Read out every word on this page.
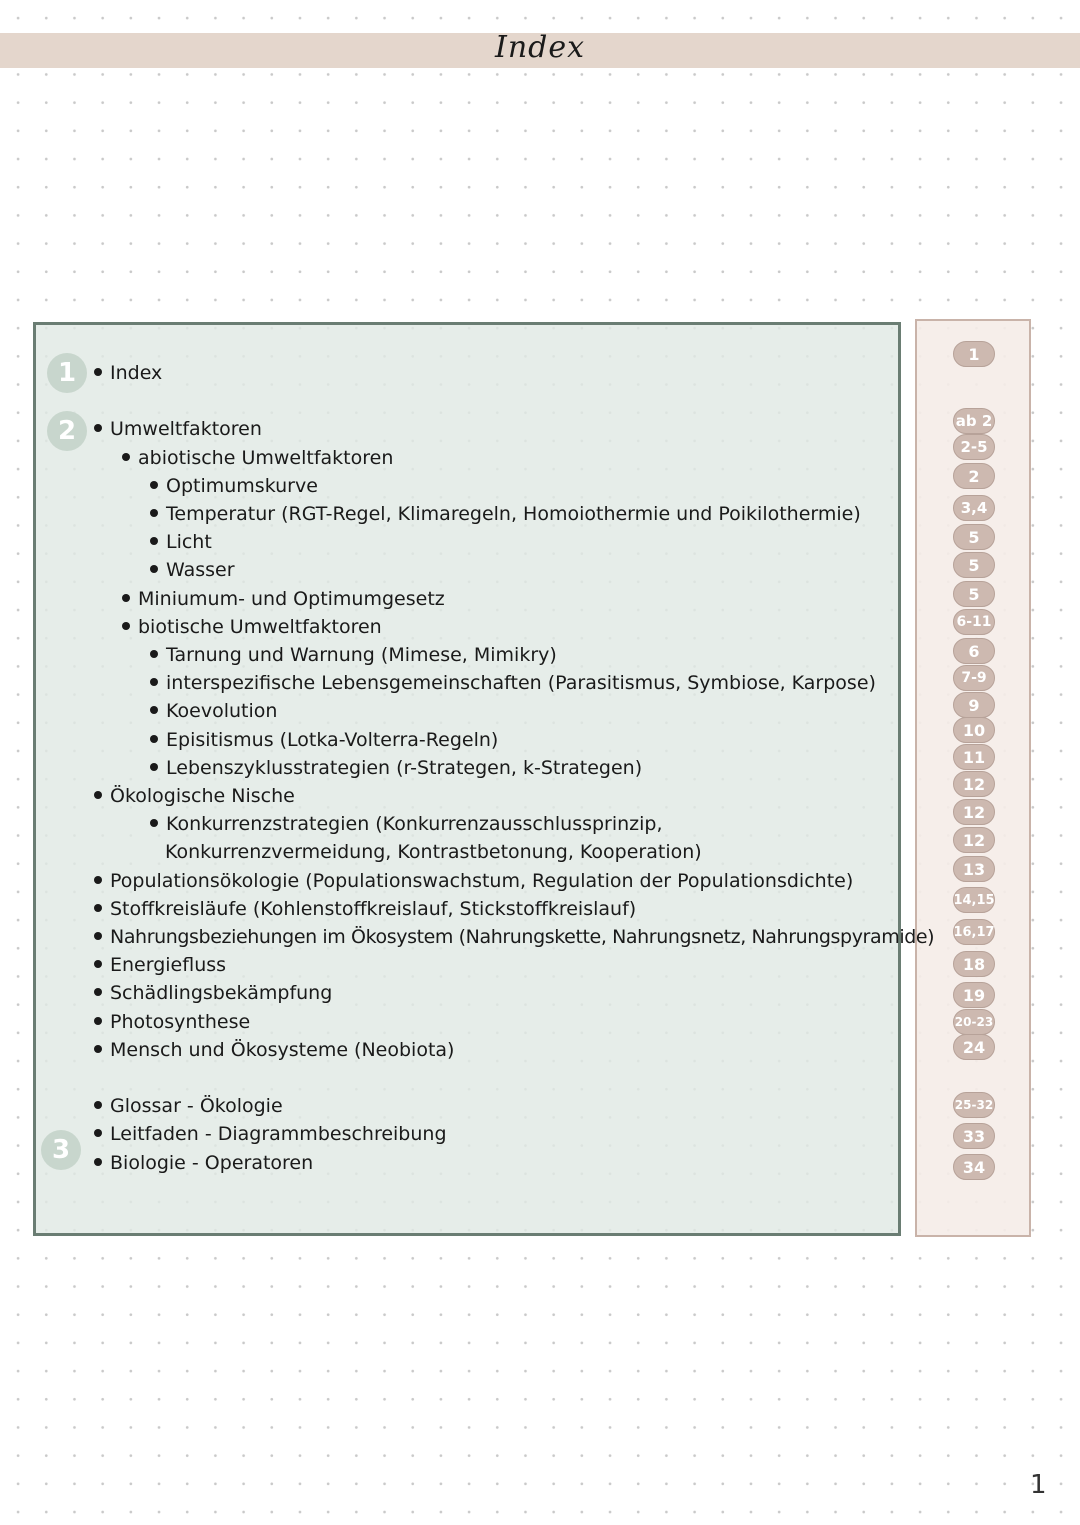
Index
1
2
3
Index
Umweltfaktoren
abiotische Umweltfaktoren
Optimumskurve
Temperatur (RGT-Regel, Klimaregeln, Homoiothermie und Poikilothermie)
Licht
Wasser
Miniumum- und Optimumgesetz
biotische Umweltfaktoren
Tarnung und Warnung (Mimese, Mimikry)
interspezifische Lebensgemeinschaften (Parasitismus, Symbiose, Karpose)
Koevolution
Episitismus (Lotka-Volterra-Regeln)
Lebenszyklusstrategien (r-Strategen, k-Strategen)
Ökologische Nische
Konkurrenzstrategien (Konkurrenzausschlussprinzip,
Konkurrenzvermeidung, Kontrastbetonung, Kooperation)
Populationsökologie (Populationswachstum, Regulation der Populationsdichte)
Stoffkreisläufe (Kohlenstoffkreislauf, Stickstoffkreislauf)
Nahrungsbeziehungen im Ökosystem (Nahrungskette, Nahrungsnetz, Nahrungspyramide)
Energiefluss
Schädlingsbekämpfung
Photosynthese
Mensch und Ökosysteme (Neobiota)
Glossar - Ökologie
Leitfaden - Diagrammbeschreibung
Biologie - Operatoren
1
ab 2
2-5
2
3,4
5
5
5
6-11
6
7-9
9
10
11
12
12
12
13
14,15
16,17
18
19
20-23
24
25-32
33
34
1
